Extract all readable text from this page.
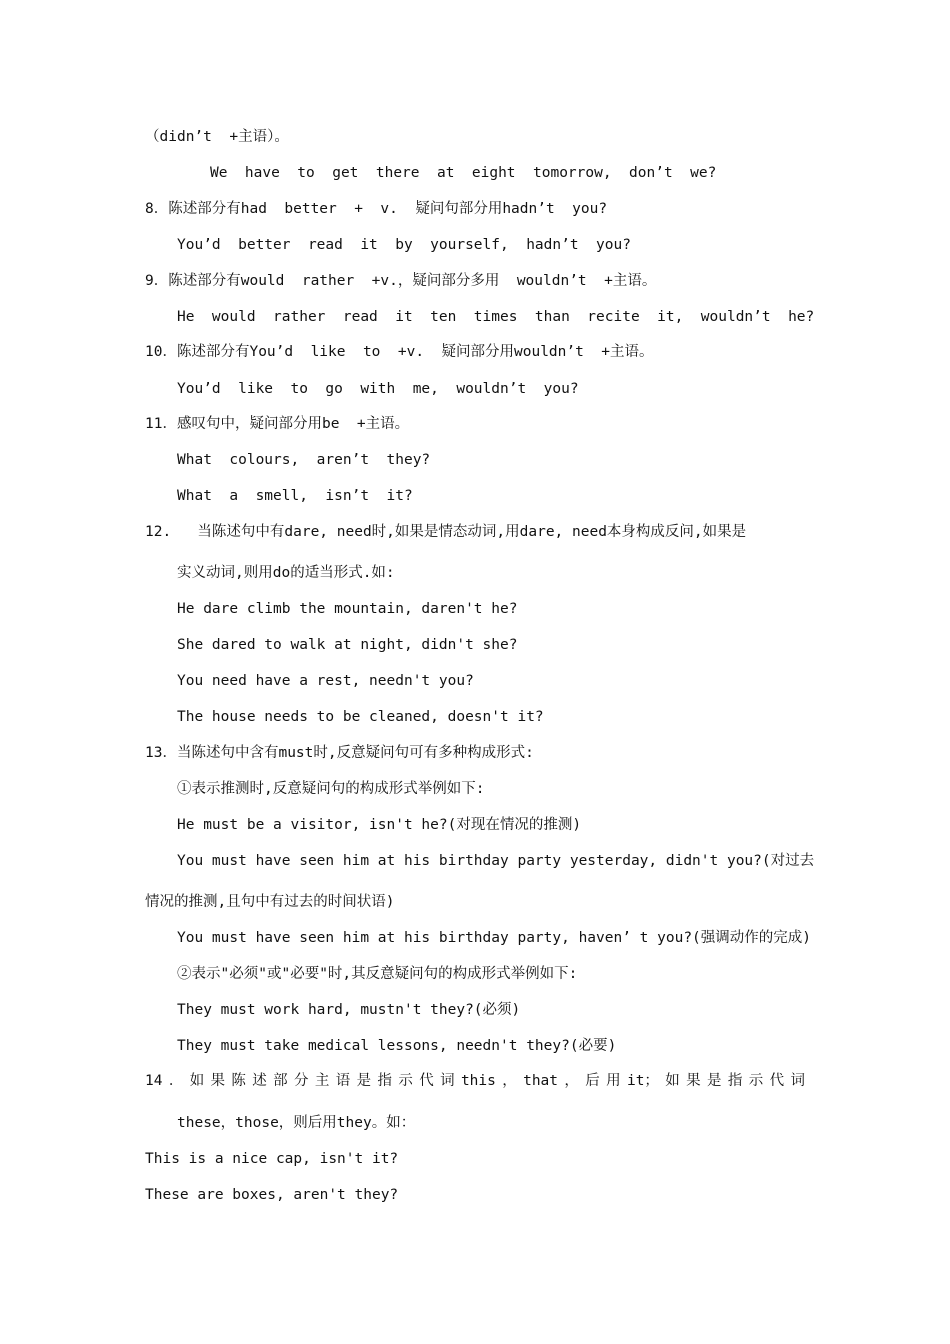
（didn’t  +主语）。

We  have  to  get  there  at  eight  tomorrow,  don’t  we?

8．陈述部分有had  better  +  v.  疑问句部分用hadn’t  you?

You’d  better  read  it  by  yourself,  hadn’t  you?

9．陈述部分有would  rather  +v.，疑问部分多用  wouldn’t  +主语。

He  would  rather  read  it  ten  times  than  recite  it,  wouldn’t  he?

10．陈述部分有You’d  like  to  +v.  疑问部分用wouldn’t  +主语。

You’d  like  to  go  with  me,  wouldn’t  you?

11．感叹句中，疑问部分用be  +主语。

What  colours,  aren’t  they?

What  a  smell,  isn’t  it?

12.   当陈述句中有dare, need时,如果是情态动词,用dare, need本身构成反问,如果是

实义动词,则用do的适当形式.如:

He dare climb the mountain, daren't he?

She dared to walk at night, didn't she?

You need have a rest, needn't you?

The house needs to be cleaned, doesn't it?

13．当陈述句中含有must时,反意疑问句可有多种构成形式:

①表示推测时,反意疑问句的构成形式举例如下:

He must be a visitor, isn't he?(对现在情况的推测)

You must have seen him at his birthday party yesterday, didn't you?(对过去

情况的推测,且句中有过去的时间状语)

You must have seen him at his birthday party, haven’ t you?(强调动作的完成)

②表示"必须"或"必要"时,其反意疑问句的构成形式举例如下:

They must work hard, mustn't they?(必须)

They must take medical lessons, needn't they?(必要)

14．如果陈述部分主语是指示代词this，that，后用it；如果是指示代词

these，those，则后用they。如：

This is a nice cap, isn't it?

These are boxes, aren't they?
